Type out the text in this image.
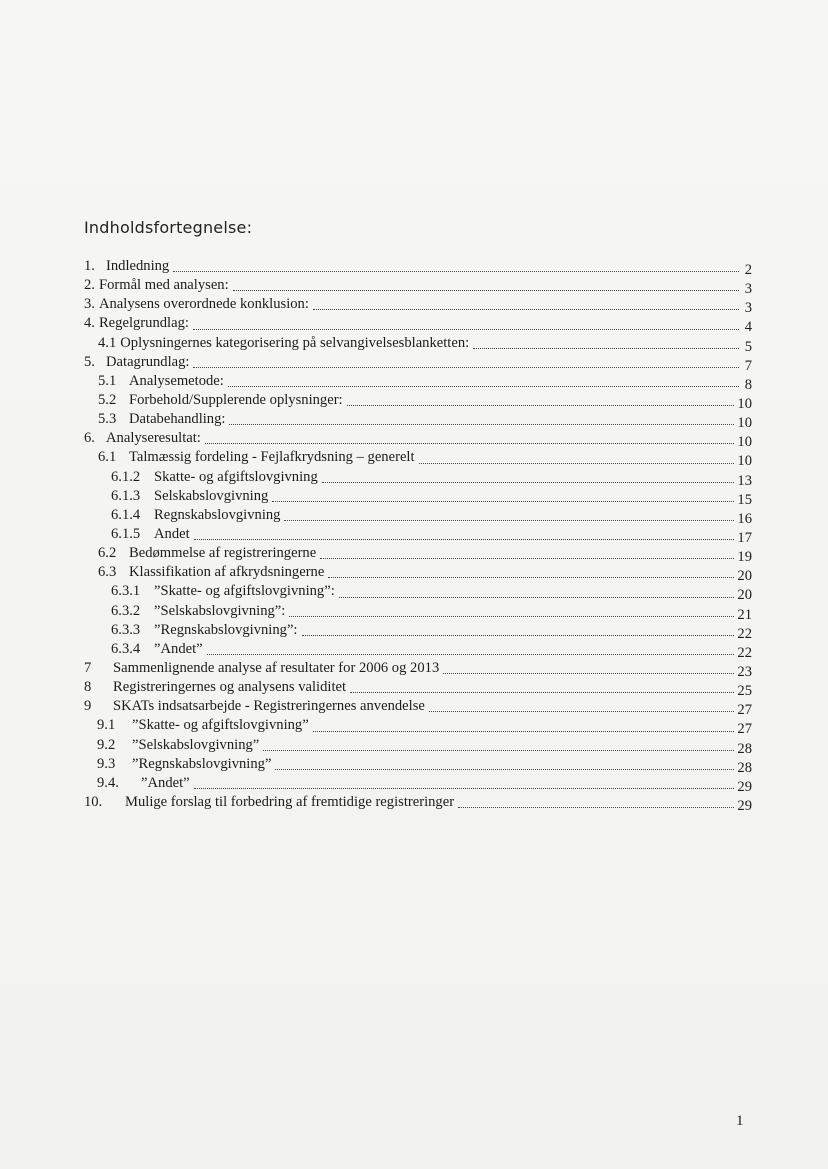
Indholdsfortegnelse:
1. Indledning	2
2. Formål med analysen:	3
3. Analysens overordnede konklusion:	3
4. Regelgrundlag:	4
4.1 Oplysningernes kategorisering på selvangivelsesblanketten:	5
5. Datagrundlag:	7
5.1 Analysemetode:	8
5.2 Forbehold/Supplerende oplysninger:	10
5.3 Databehandling:	10
6. Analyseresultat:	10
6.1 Talmæssig fordeling - Fejlafkrydsning – generelt	10
6.1.2 Skatte- og afgiftslovgivning	13
6.1.3 Selskabslovgivning	15
6.1.4 Regnskabslovgivning	16
6.1.5 Andet	17
6.2 Bedømmelse af registreringerne	19
6.3 Klassifikation af afkrydsningerne	20
6.3.1 ”Skatte- og afgiftslovgivning”:	20
6.3.2 ”Selskabslovgivning”:	21
6.3.3 ”Regnskabslovgivning”:	22
6.3.4 ”Andet”	22
7	Sammenlignende analyse af resultater for 2006 og 2013	23
8	Registreringernes og analysens validitet	25
9	SKATs indsatsarbejde - Registreringernes anvendelse	27
9.1	”Skatte- og afgiftslovgivning”	27
9.2	”Selskabslovgivning”	28
9.3	”Regnskabslovgivning”	28
9.4.	”Andet”	29
10.	Mulige forslag til forbedring af fremtidige registreringer	29
1
